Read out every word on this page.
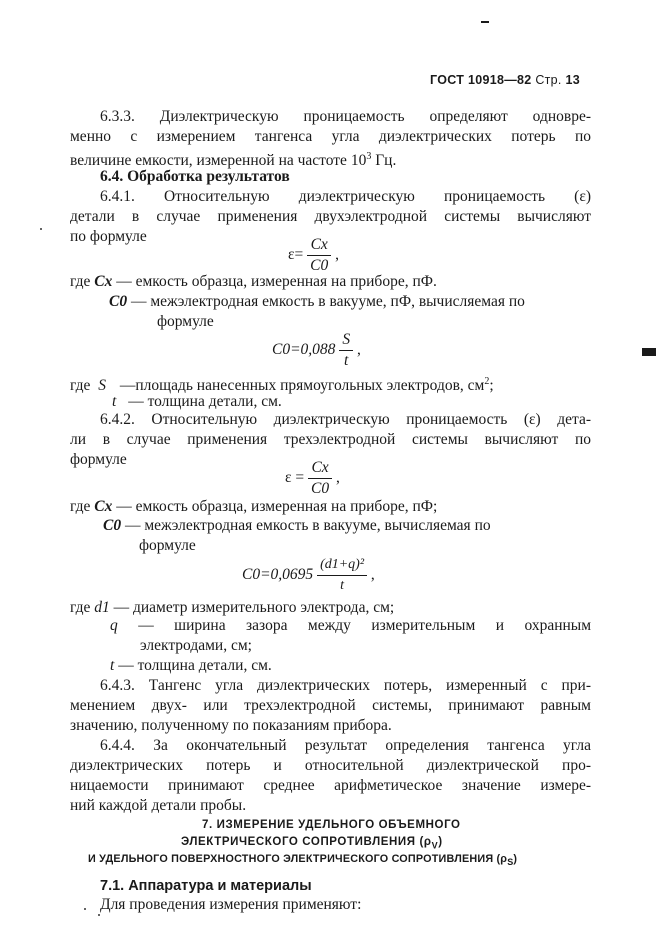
ГОСТ 10918—82 Стр. 13
6.3.3. Диэлектрическую проницаемость определяют одновре-
менно с измерением тангенса угла диэлектрических потерь по
величине емкости, измеренной на частоте $10^3$ Гц.
6.4. Обработка результатов
6.4.1. Относительную диэлектрическую проницаемость (ε)
детали в случае применения двухэлектродной системы вычисляют
по формуле
$\varepsilon= \frac{Cx}{C0}$ ,
где Cx — емкость образца, измеренная на приборе, пФ.
C0 — межэлектродная емкость в вакууме, пФ, вычисляемая по
формуле
$C0=0,088 \frac{S}{t}$ ,
где S —площадь нанесенных прямоугольных электродов, $см^2$;
t — толщина детали, см.
6.4.2. Относительную диэлектрическую проницаемость (ε) дета-
ли в случае применения трехэлектродной системы вычисляют по
формуле
$\varepsilon = \frac{Cx}{C0}$ ,
где Cx — емкость образца, измеренная на приборе, пФ;
C0 — межэлектродная емкость в вакууме, вычисляемая по
формуле
$C0=0,0695 \frac{\text{(d1+q)²}}{t}$ ,
где d1 — диаметр измерительного электрода, см;
q — ширина зазора между измерительным и охранным
электродами, см;
t — толщина детали, см.
6.4.3. Тангенс угла диэлектрических потерь, измеренный с при-
менением двух- или трехэлектродной системы, принимают равным
значению, полученному по показаниям прибора.
6.4.4. За окончательный результат определения тангенса угла
диэлектрических потерь и относительной диэлектрической про-
ницаемости принимают среднее арифметическое значение измере-
ний каждой детали пробы.
7. ИЗМЕРЕНИЕ УДЕЛЬНОГО ОБЪЕМНОГО
ЭЛЕКТРИЧЕСКОГО СОПРОТИВЛЕНИЯ $(\rho_V)$
И УДЕЛЬНОГО ПОВЕРХНОСТНОГО ЭЛЕКТРИЧЕСКОГО СОПРОТИВЛЕНИЯ $(\rho_S)$
7.1. Аппаратура и материалы
Для проведения измерения применяют:
